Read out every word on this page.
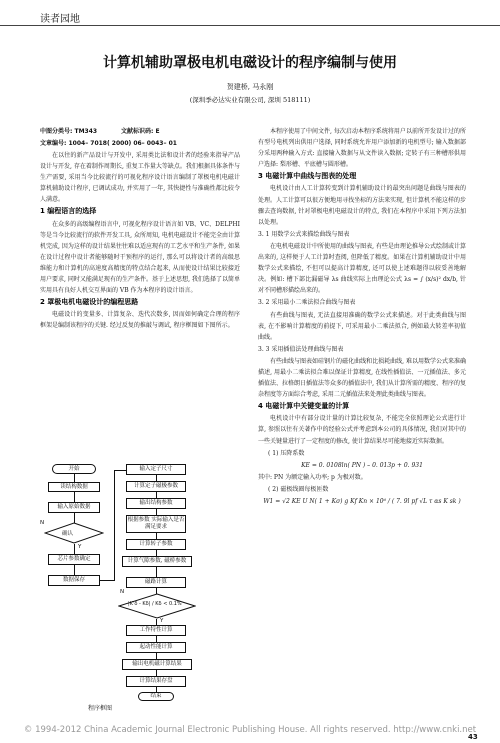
读者园地
计算机辅助罩极电机电磁设计的程序编制与使用
贺建桥, 马永刚
(深圳季必达实业有限公司, 深圳 518111)
中图分类号: TM343	文献标识码: E
文章编号: 1004– 7018( 2000) 06– 0043– 01

在以往的新产品设计与开发中, 采用类比法和设计者的经验来指导产品设计与开发, 存在着制作周期长, 重复工作量大等缺点。我们根据具体条件与生产需要, 采用当今比较流行的可视化程序设计语言编制了罩极电机电磁计算机辅助设计程序, 已调试成功, 并实用了一年, 其快捷性与准确性都比较令人满意。

1 编程语言的选择

在众多的高级编程语言中, 可视化程序设计语言如 VB、VC、DELPHI 等是当今比较流行的软件开发工具, 众所周知, 电机电磁设计不能完全由计算机完成, 因为这样的设计结果往往难以适应现有的工艺水平和生产条件, 如果在设计过程中设计者能够随时干预程序的运行, 那么可以将设计者的高级思维能力和计算机的高速度高精度的特点结合起来, 从而使设计结果比较接近用户要求, 同时又能满足现有的生产条件。基于上述思想, 我们选择了以简单实用具有良好人机交互界面的 VB 作为本程序的设计语言。

2 罩极电机电磁设计的编程思路

电磁设计的变量多、计算复杂、迭代次数多, 因而如何确定合理的程序框架是编制该程序的关键. 经过反复的推敲与调试, 程序框图如下图所示。

开始
读结构数据
输入原始数据
确认
N
Y
芯片参数确定
数据保存
输入定子尺寸
计算定子磁极参数
输出结构参数
根据参数 实际输入是否满足要求
计算转子参数
计算气隙参数, 磁桥参数
磁路计算
|K'δ - Kδ| / Kδ < 0.1%
N
Y
工作特性计算
起动性能计算
输出电机磁计算结果
计算结果存盘
结束
程序框图

本程序使用了中间文件, 每次启动本程序系统将用户以前所开发设计过的所有型号电机列出供用户选择, 同时系统允许用户添加新的电机型号; 输入数据部分采用两种输入方式: 直接输入数据与从文件读入数据; 定转子有三种槽形供用户选择: 梨形槽、平底槽与圆形槽。

3 电磁计算中曲线与图表的处理

电机设计由人工计算转变到计算机辅助设计的最突出问题是曲线与图表的处理。人工计算可以很方便地用寻找坐标的方法来实现, 但计算机不能这样的步骤去查询数据, 针对罩极电机电磁设计的特点, 我们在本程序中采用下列方法加以处理。

3. 1 用数学公式来描绘曲线与图表

在电机电磁设计中所使用的曲线与图表, 有些是由理论推导公式绘制或计算出来的, 这样便于人工计算时查阅, 但降低了精度。如果在计算机辅助设计中用数学公式来描绘, 不但可以提高计算精度, 还可以使上述难题得以较妥善地解决。例如: 槽下部比漏磁导 λs 曲线实际上由理论公式 λs = ∫ (x/s)² dx/b, 针对不同槽形描绘出来的。

3. 2 采用最小二乘法拟合曲线与图表

有些曲线与图表, 无法直接用准确的数学公式来描述。对于此类曲线与图表, 在不影响计算精度的前提下, 可采用最小二乘法拟合, 例如最大转差率初值曲线。

3. 3 采用插值法处理曲线与图表

有些曲线与图表如硅钢片的磁化曲线和比损耗曲线, 难以用数学公式来准确描述, 用最小二乘法拟合难以保证计算精度, 在线性插值法、一元插值法、多元插值法、拉格朗日插值法等众多的插值法中, 我们从计算所需的精度、程序的复杂程度等方面综合考虑, 采用二元插值法来处理此类曲线与图表。

4 电磁计算中关键变量的计算

电机设计中有部分设计量的计算比较复杂, 不能完全依照理论公式进行计算, 参照以往有关著作中的经验公式并考虑到本公司的具体情况, 我们对其中的一些关键量进行了一定程度的修改, 使计算结果尽可能地接近实际数据。

( 1) 压降系数

KE = 0. 0108ln( PN ) – 0. 013p + 0. 931

其中: PN 为额定输入功率; p 为极对数。

( 2) 磁极线圈每极匝数

W1 = √2 KE U N( 1 + Kσ) g Kf Kn × 10⁶ / ( 7. 9l pf √L τ αs K sk )

© 1994-2012 China Academic Journal Electronic Publishing House. All rights reserved. http://www.cnki.net
43
